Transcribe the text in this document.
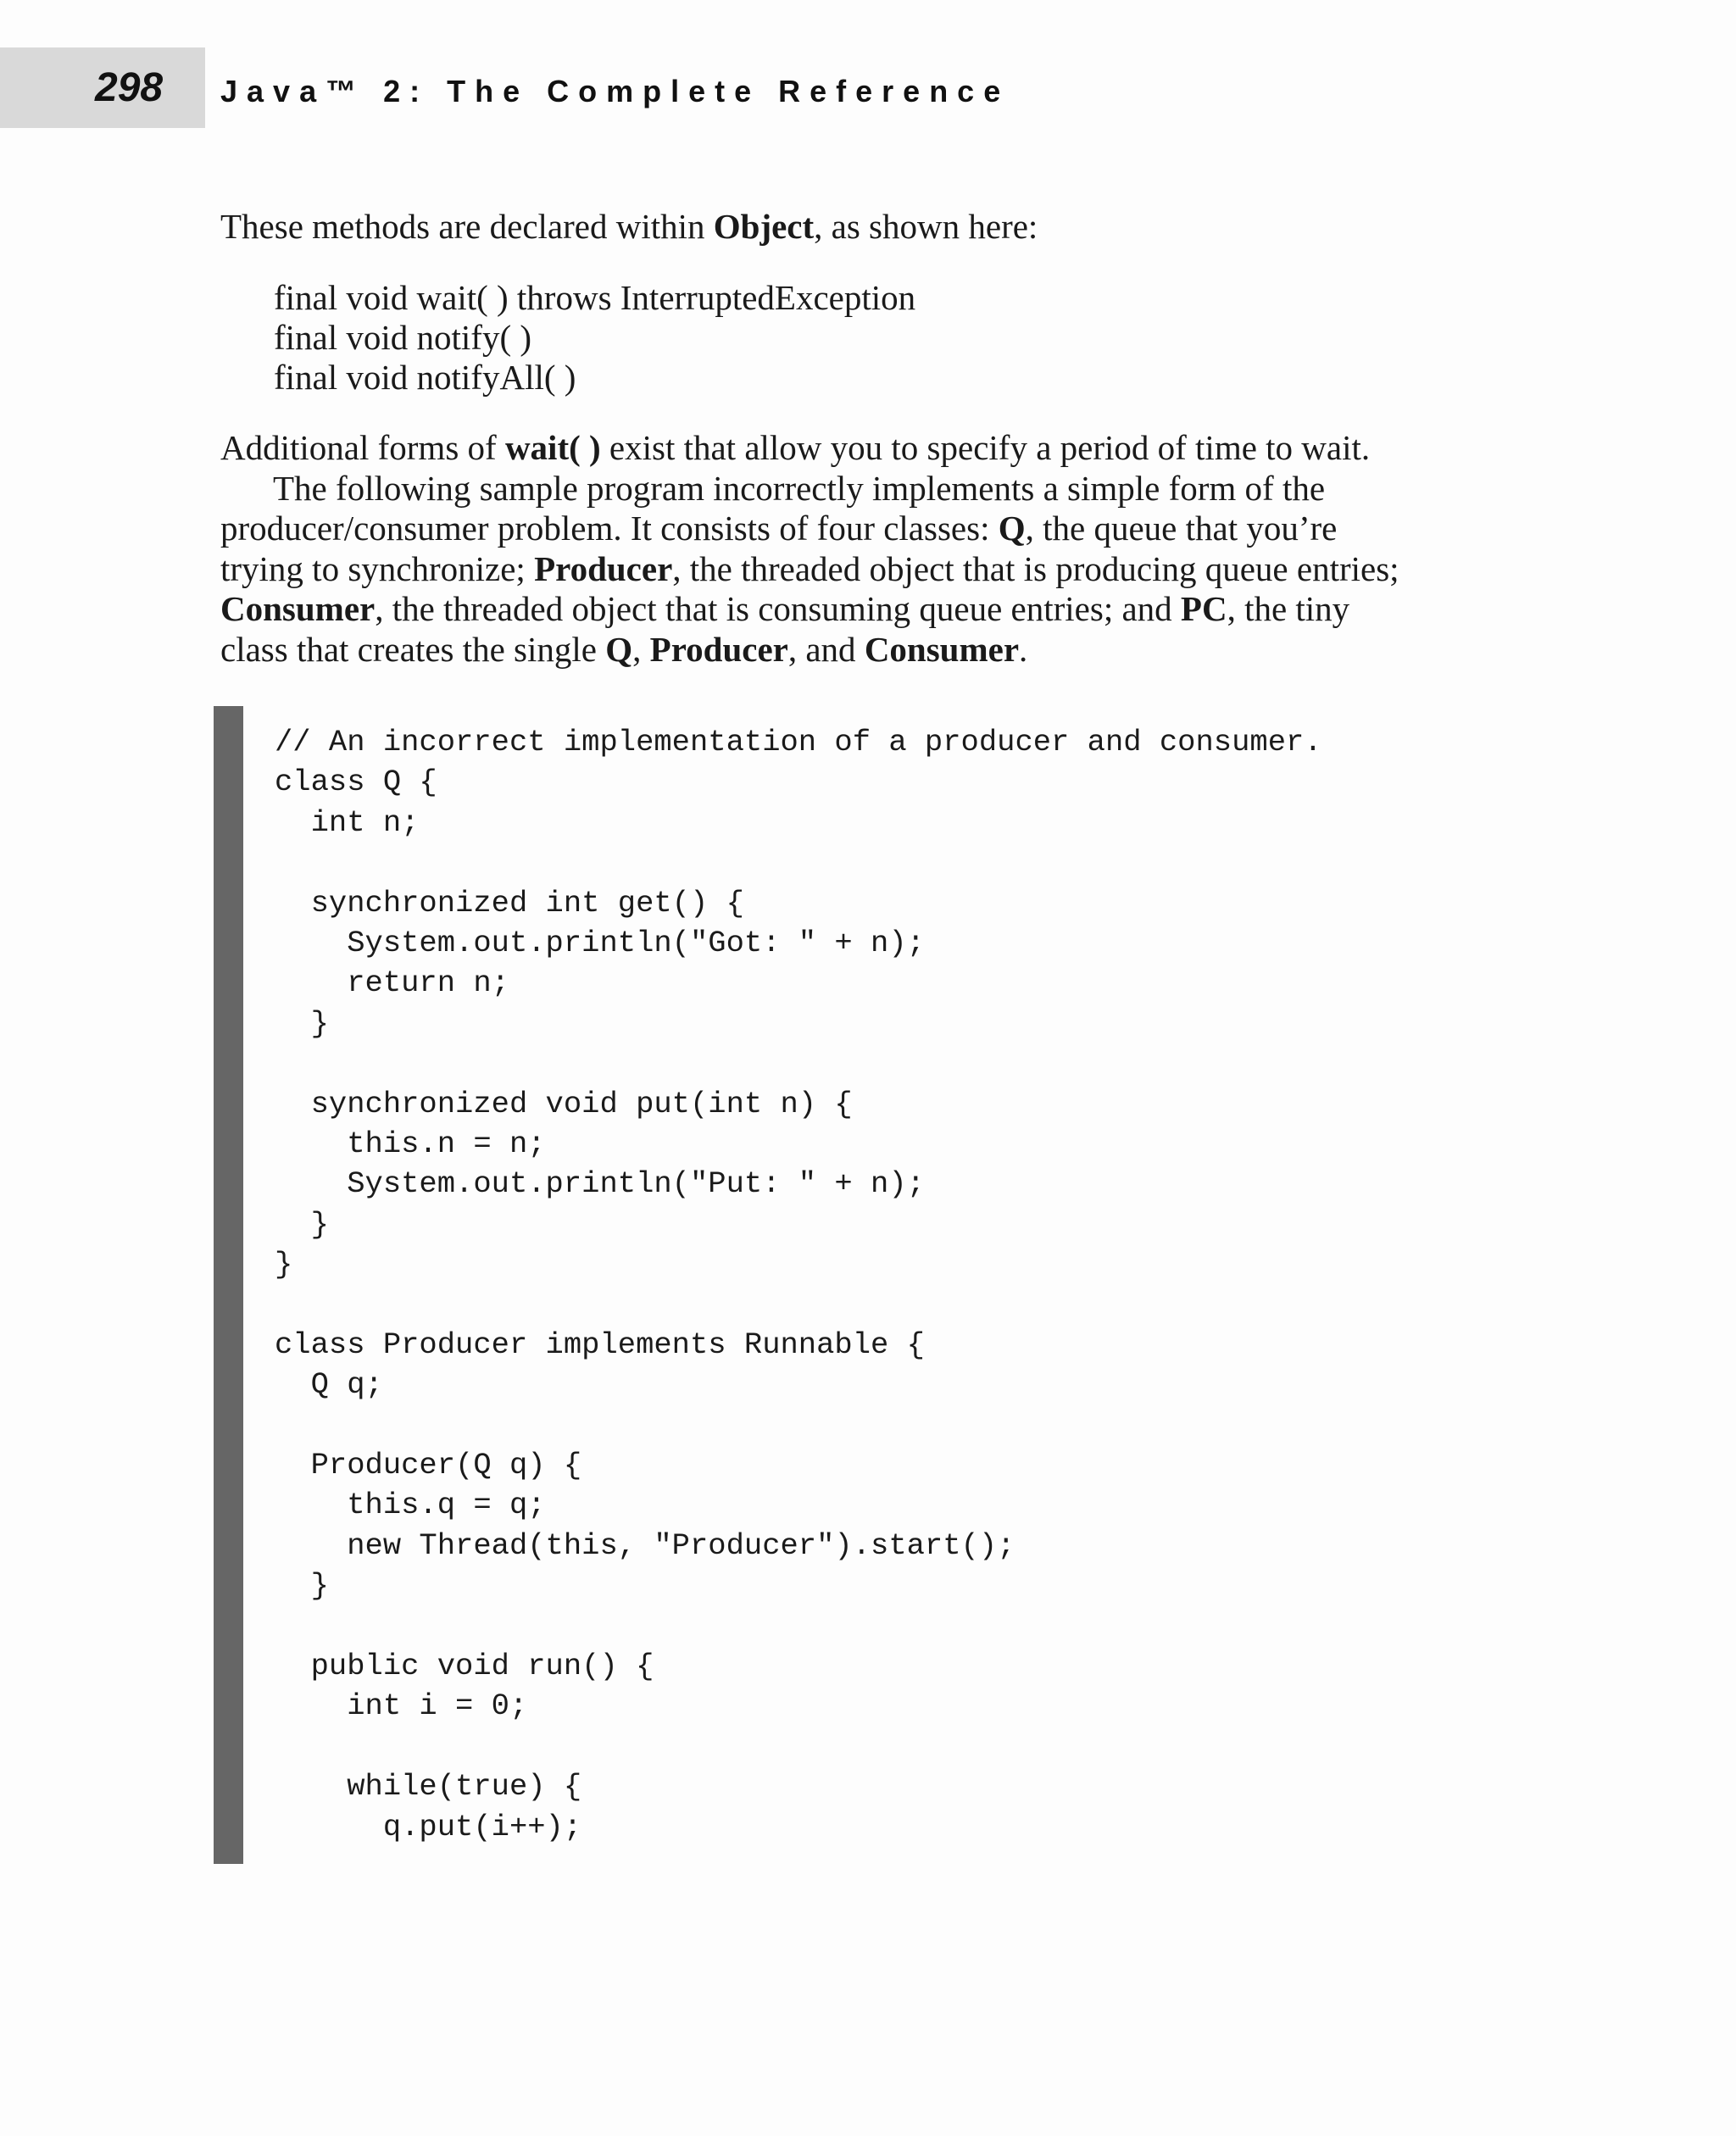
298 Java™ 2: The Complete Reference

These methods are declared within Object, as shown here:

final void wait( ) throws InterruptedException
final void notify( )
final void notifyAll( )
Additional forms of wait( ) exist that allow you to specify a period of time to wait.
The following sample program incorrectly implements a simple form of the
producer/consumer problem. It consists of four classes: Q, the queue that you’re
trying to synchronize; Producer, the threaded object that is producing queue entries;
Consumer, the threaded object that is consuming queue entries; and PC, the tiny
class that creates the single Q, Producer, and Consumer.
// An incorrect implementation of a producer and consumer.
class Q {
int n;
synchronized int get() {
System.out.println("Got: " + n);
return n;
}
synchronized void put(int n) {
this.n = n;
System.out.println("Put: " + n);
}
}
class Producer implements Runnable {
Q q;
Producer(Q q) {
this.q = q;
new Thread(this, "Producer").start();
}
public void run() {
int i = 0;
while(true) {
q.put(i++);
